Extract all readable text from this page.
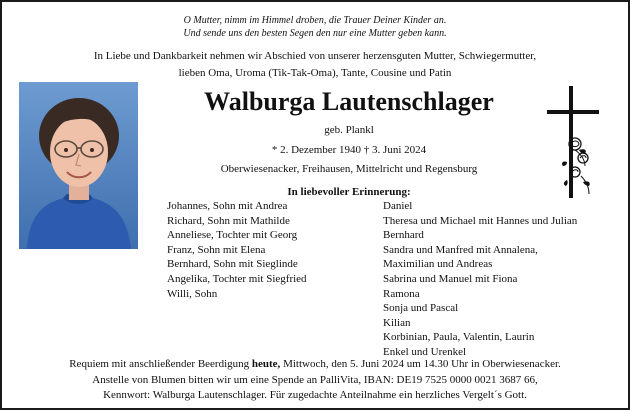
O Mutter, nimm im Himmel droben, die Trauer Deiner Kinder an.
Und sende uns den besten Segen den nur eine Mutter geben kann.
In Liebe und Dankbarkeit nehmen wir Abschied von unserer herzensguten Mutter, Schwiegermutter,
lieben Oma, Uroma (Tik-Tak-Oma), Tante, Cousine und Patin
Walburga Lautenschlager
geb. Plankl
* 2. Dezember 1940 † 3. Juni 2024
Oberwiesenacker, Freihausen, Mittelricht und Regensburg
In liebevoller Erinnerung:
Johannes, Sohn mit Andrea
Richard, Sohn mit Mathilde
Anneliese, Tochter mit Georg
Franz, Sohn mit Elena
Bernhard, Sohn mit Sieglinde
Angelika, Tochter mit Siegfried
Willi, Sohn
Daniel
Theresa und Michael mit Hannes und Julian
Bernhard
Sandra und Manfred mit Annalena,
Maximilian und Andreas
Sabrina und Manuel mit Fiona
Ramona
Sonja und Pascal
Kilian
Korbinian, Paula, Valentin, Laurin
Enkel und Urenkel
Requiem mit anschließender Beerdigung heute, Mittwoch, den 5. Juni 2024 um 14.30 Uhr in Oberwiesenacker.
Anstelle von Blumen bitten wir um eine Spende an PalliVita, IBAN: DE19 7525 0000 0021 3687 66,
Kennwort: Walburga Lautenschlager. Für zugedachte Anteilnahme ein herzliches Vergelt´s Gott.
